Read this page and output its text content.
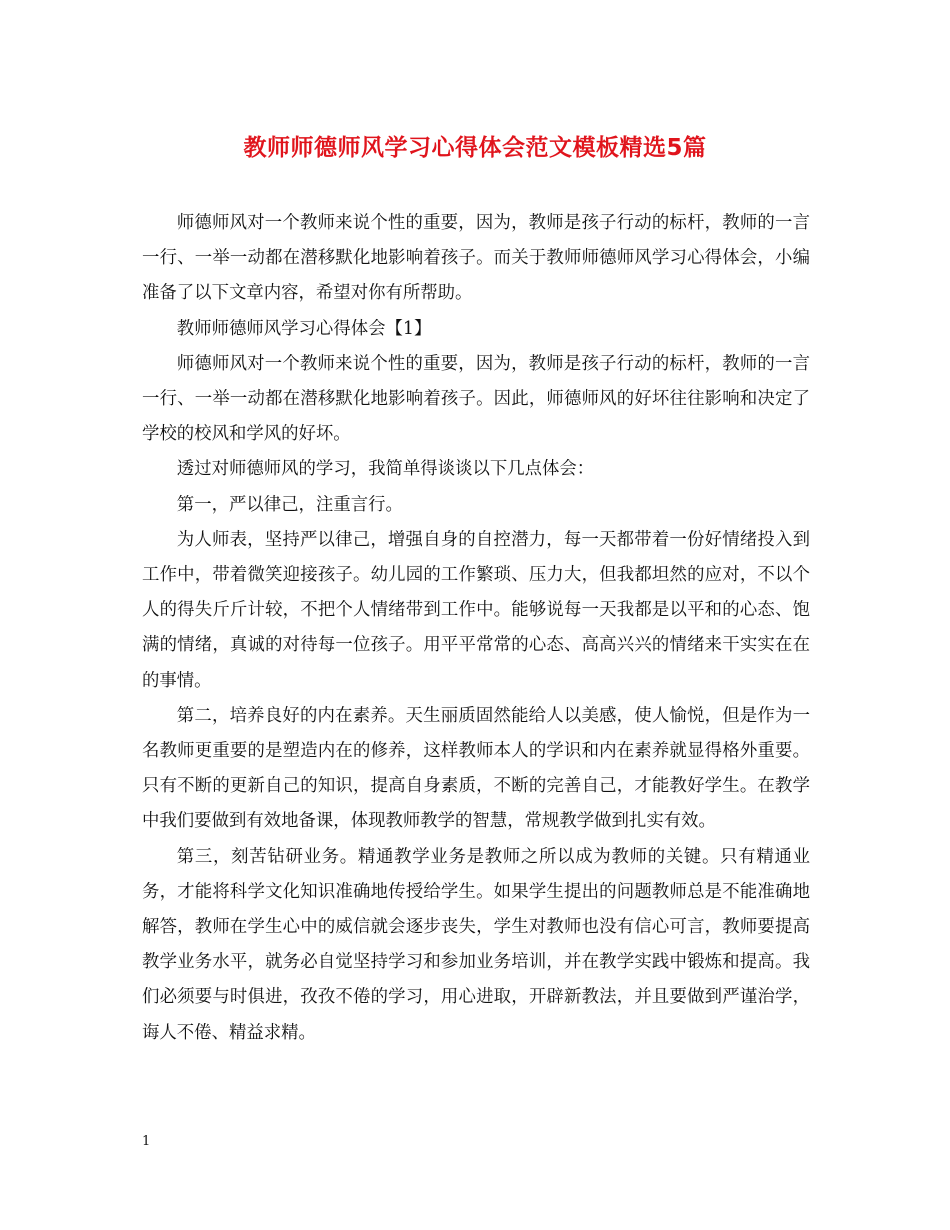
教师师德师风学习心得体会范文模板精选5篇

师德师风对一个教师来说个性的重要，因为，教师是孩子行动的标杆，教师的一言一行、一举一动都在潜移默化地影响着孩子。而关于教师师德师风学习心得体会，小编准备了以下文章内容，希望对你有所帮助。

教师师德师风学习心得体会【1】

师德师风对一个教师来说个性的重要，因为，教师是孩子行动的标杆，教师的一言一行、一举一动都在潜移默化地影响着孩子。因此，师德师风的好坏往往影响和决定了学校的校风和学风的好坏。

透过对师德师风的学习，我简单得谈谈以下几点体会：

第一，严以律己，注重言行。

为人师表，坚持严以律己，增强自身的自控潜力，每一天都带着一份好情绪投入到工作中，带着微笑迎接孩子。幼儿园的工作繁琐、压力大，但我都坦然的应对，不以个人的得失斤斤计较，不把个人情绪带到工作中。能够说每一天我都是以平和的心态、饱满的情绪，真诚的对待每一位孩子。用平平常常的心态、高高兴兴的情绪来干实实在在的事情。

第二，培养良好的内在素养。天生丽质固然能给人以美感，使人愉悦，但是作为一名教师更重要的是塑造内在的修养，这样教师本人的学识和内在素养就显得格外重要。只有不断的更新自己的知识，提高自身素质，不断的完善自己，才能教好学生。在教学中我们要做到有效地备课，体现教师教学的智慧，常规教学做到扎实有效。

第三，刻苦钻研业务。精通教学业务是教师之所以成为教师的关键。只有精通业务，才能将科学文化知识准确地传授给学生。如果学生提出的问题教师总是不能准确地解答，教师在学生心中的威信就会逐步丧失，学生对教师也没有信心可言，教师要提高教学业务水平，就务必自觉坚持学习和参加业务培训，并在教学实践中锻炼和提高。我们必须要与时俱进，孜孜不倦的学习，用心进取，开辟新教法，并且要做到严谨治学，诲人不倦、精益求精。

1
